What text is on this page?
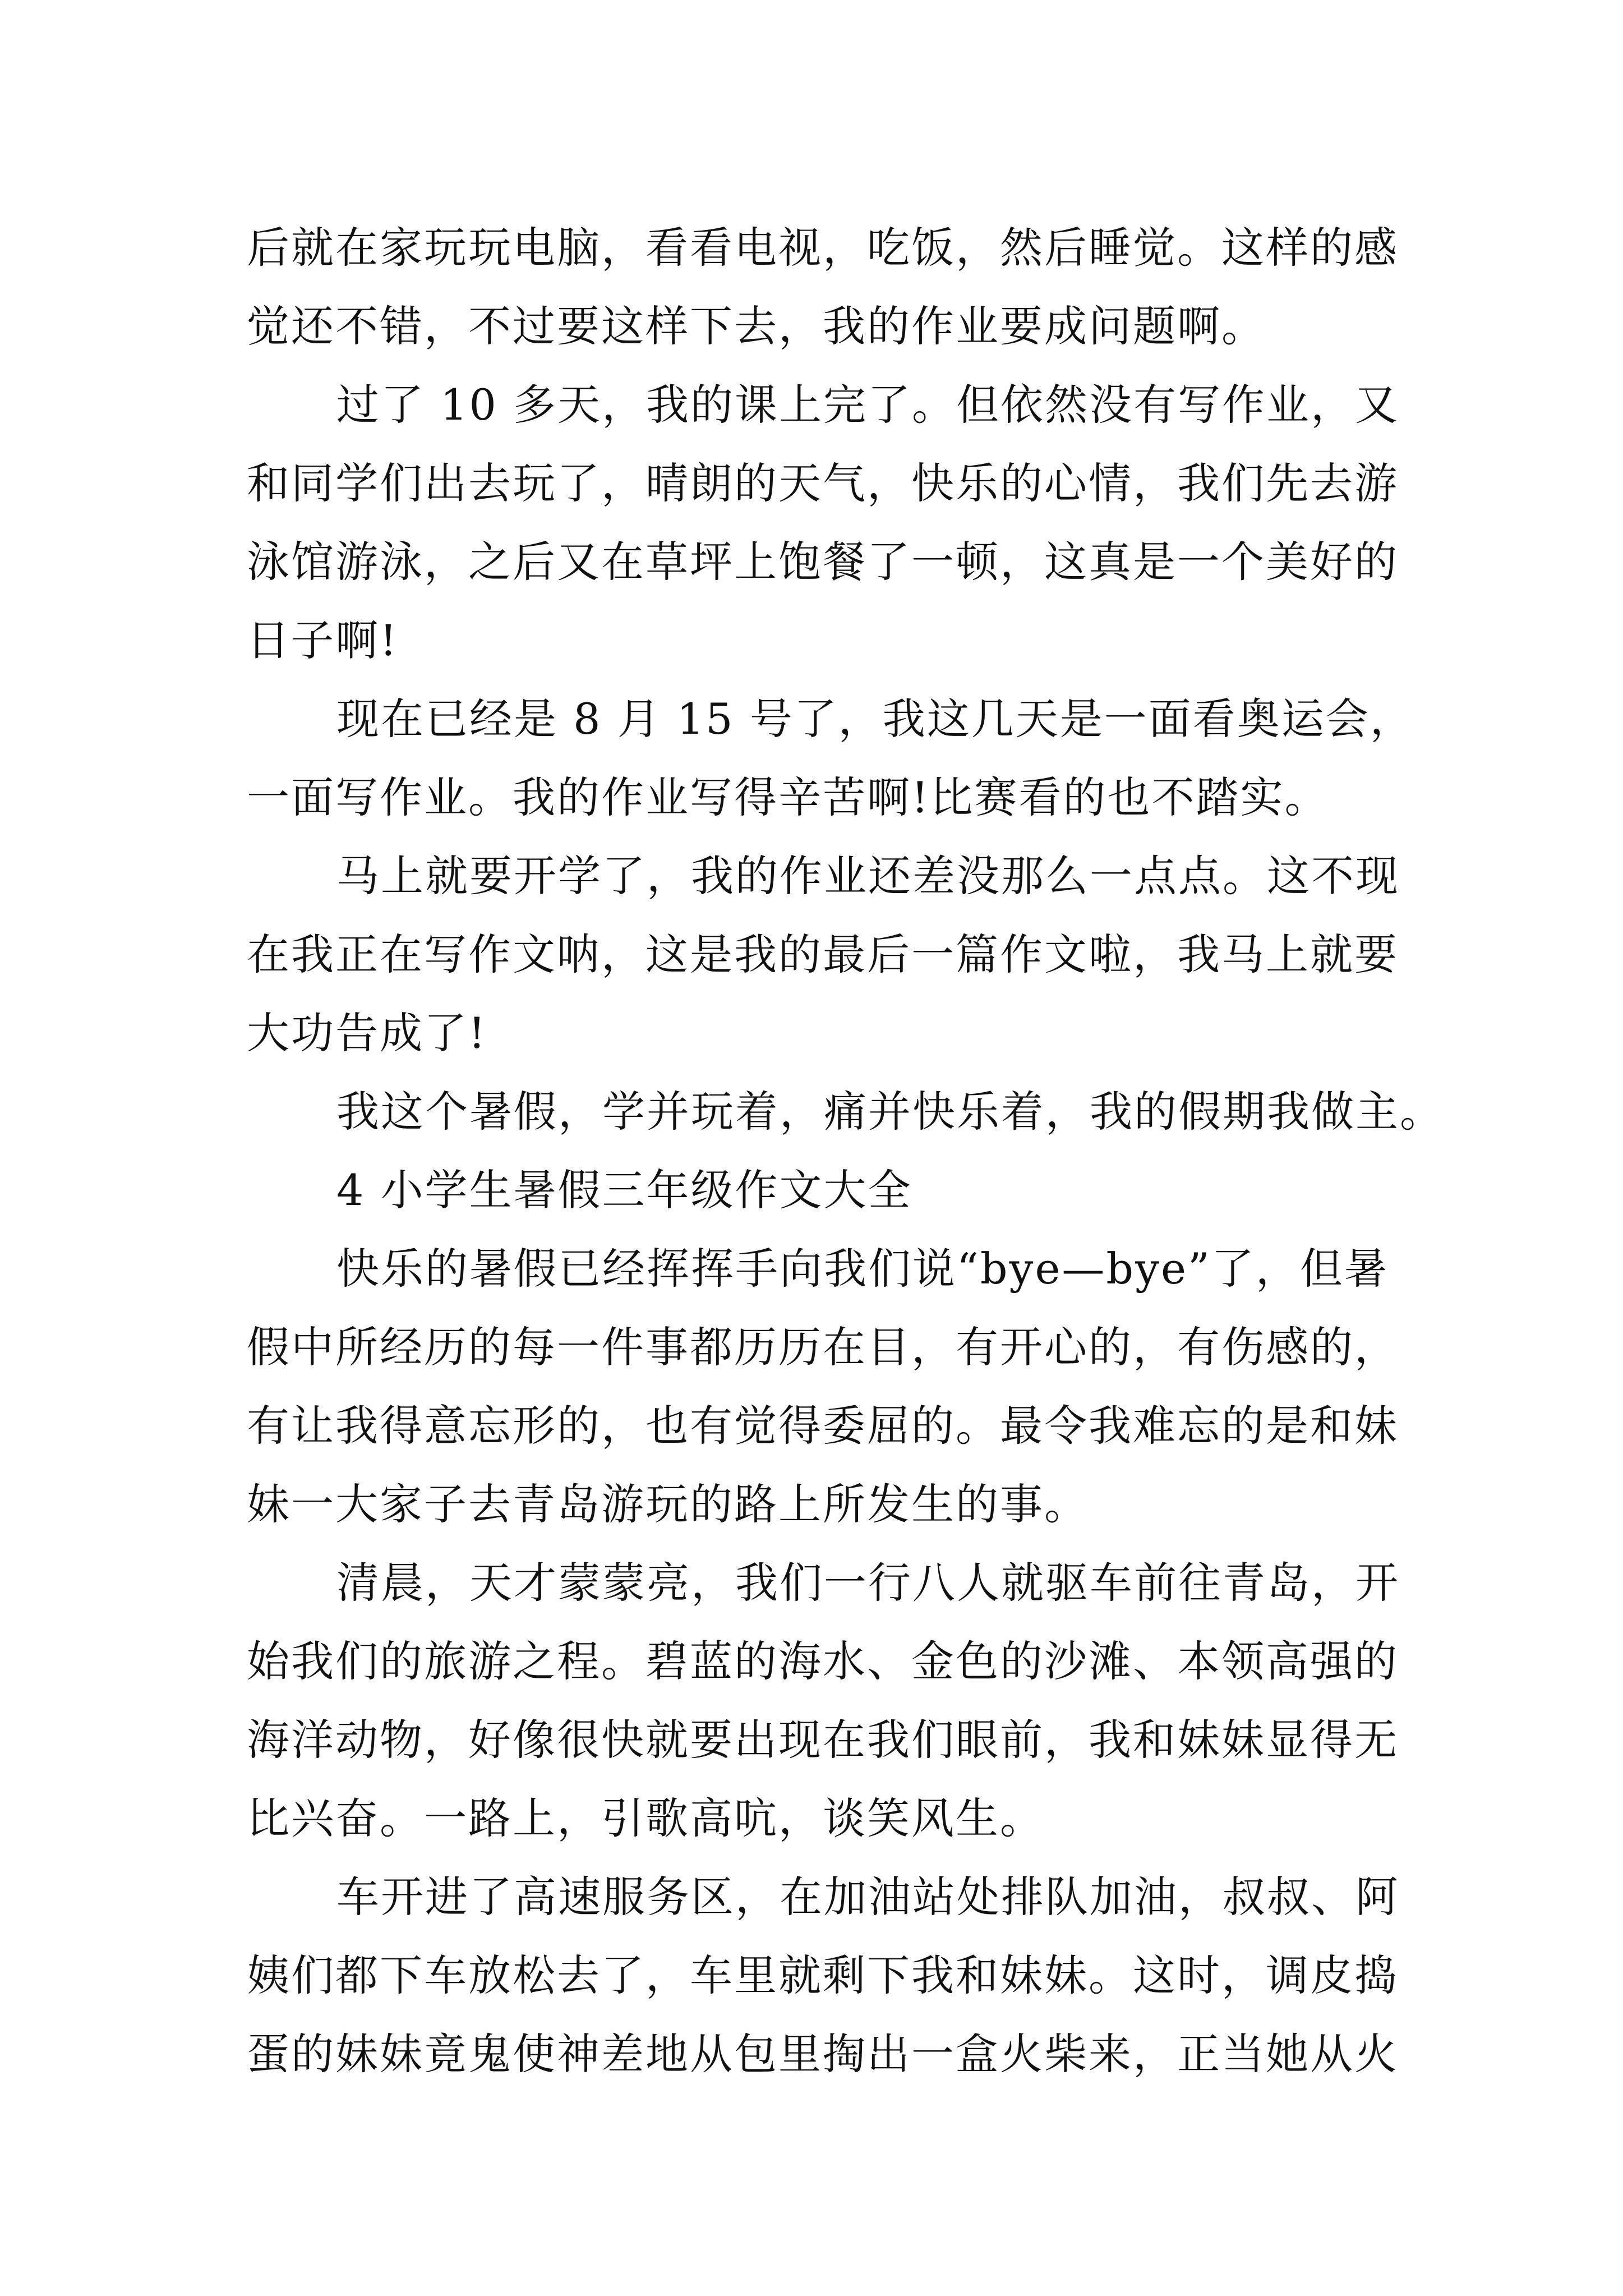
后就在家玩玩电脑，看看电视，吃饭，然后睡觉。这样的感
觉还不错，不过要这样下去，我的作业要成问题啊。
过了 10 多天，我的课上完了。但依然没有写作业，又
和同学们出去玩了，晴朗的天气，快乐的心情，我们先去游
泳馆游泳，之后又在草坪上饱餐了一顿，这真是一个美好的
日子啊!
现在已经是 8 月 15 号了，我这几天是一面看奥运会，
一面写作业。我的作业写得辛苦啊!比赛看的也不踏实。
马上就要开学了，我的作业还差没那么一点点。这不现
在我正在写作文呐，这是我的最后一篇作文啦，我马上就要
大功告成了!
我这个暑假，学并玩着，痛并快乐着，我的假期我做主。
4 小学生暑假三年级作文大全
快乐的暑假已经挥挥手向我们说“bye—bye”了，但暑
假中所经历的每一件事都历历在目，有开心的，有伤感的，
有让我得意忘形的，也有觉得委屈的。最令我难忘的是和妹
妹一大家子去青岛游玩的路上所发生的事。
清晨，天才蒙蒙亮，我们一行八人就驱车前往青岛，开
始我们的旅游之程。碧蓝的海水、金色的沙滩、本领高强的
海洋动物，好像很快就要出现在我们眼前，我和妹妹显得无
比兴奋。一路上，引歌高吭，谈笑风生。
车开进了高速服务区，在加油站处排队加油，叔叔、阿
姨们都下车放松去了，车里就剩下我和妹妹。这时，调皮捣
蛋的妹妹竟鬼使神差地从包里掏出一盒火柴来，正当她从火
